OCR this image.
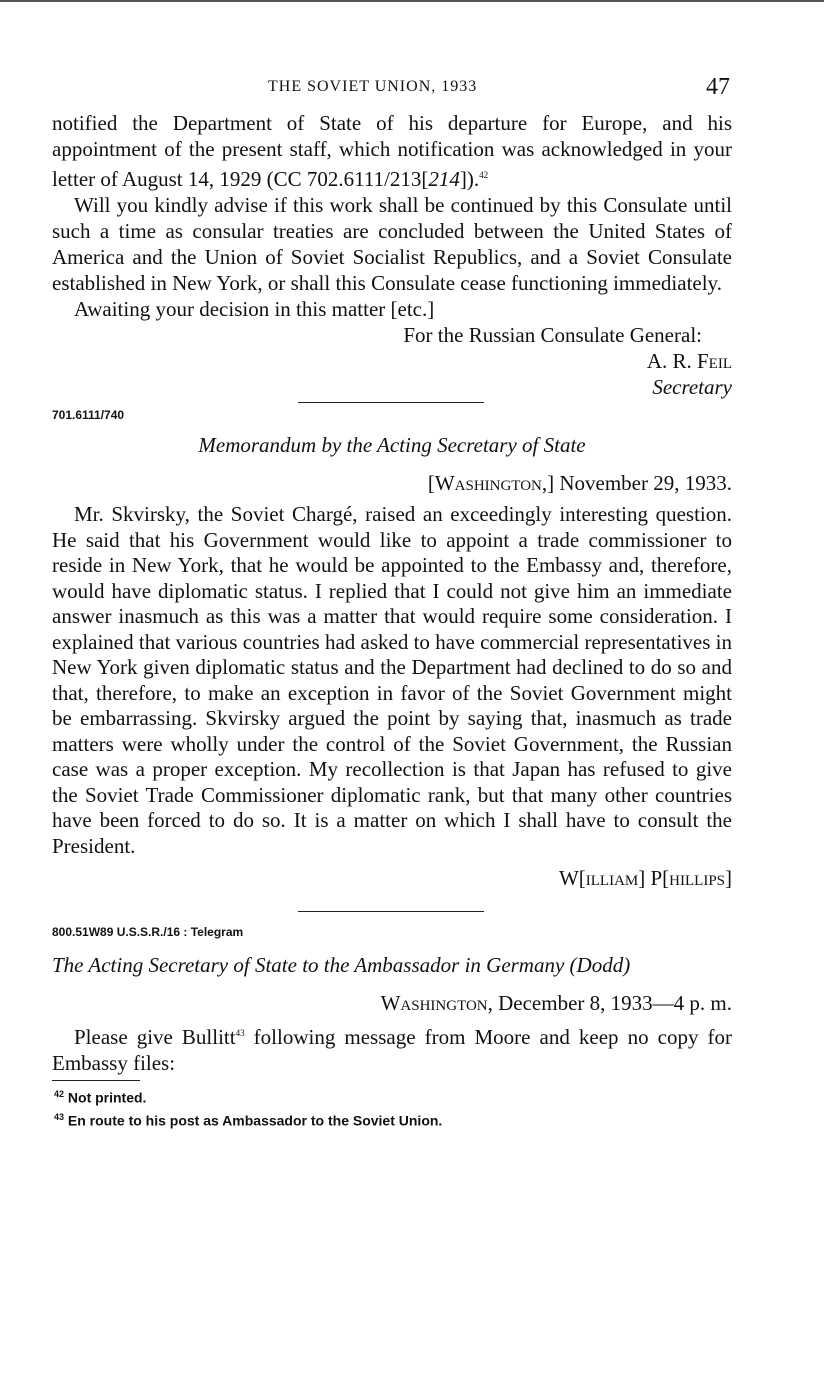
THE SOVIET UNION, 1933	47

notified the Department of State of his departure for Europe, and his appointment of the present staff, which notification was acknowledged in your letter of August 14, 1929 (CC 702.6111/213[214]).$^{42}$

Will you kindly advise if this work shall be continued by this Consulate until such a time as consular treaties are concluded between the United States of America and the Union of Soviet Socialist Republics, and a Soviet Consulate established in New York, or shall this Consulate cease functioning immediately.

Awaiting your decision in this matter [etc.]

For the Russian Consulate General:

A. R. Feil

Secretary

701.6111/740

Memorandum by the Acting Secretary of State

[Washington,] November 29, 1933.

Mr. Skvirsky, the Soviet Chargé, raised an exceedingly interesting question. He said that his Government would like to appoint a trade commissioner to reside in New York, that he would be appointed to the Embassy and, therefore, would have diplomatic status. I replied that I could not give him an immediate answer inasmuch as this was a matter that would require some consideration. I explained that various countries had asked to have commercial representatives in New York given diplomatic status and the Department had declined to do so and that, therefore, to make an exception in favor of the Soviet Government might be embarrassing. Skvirsky argued the point by saying that, inasmuch as trade matters were wholly under the control of the Soviet Government, the Russian case was a proper exception. My recollection is that Japan has refused to give the Soviet Trade Commissioner diplomatic rank, but that many other countries have been forced to do so. It is a matter on which I shall have to consult the President.

W[illiam] P[hillips]

800.51W89 U.S.S.R./16 : Telegram

The Acting Secretary of State to the Ambassador in Germany (Dodd)

Washington, December 8, 1933—4 p. m.

Please give Bullitt$^{43}$ following message from Moore and keep no copy for Embassy files:

$^{42}$ Not printed.
$^{43}$ En route to his post as Ambassador to the Soviet Union.
